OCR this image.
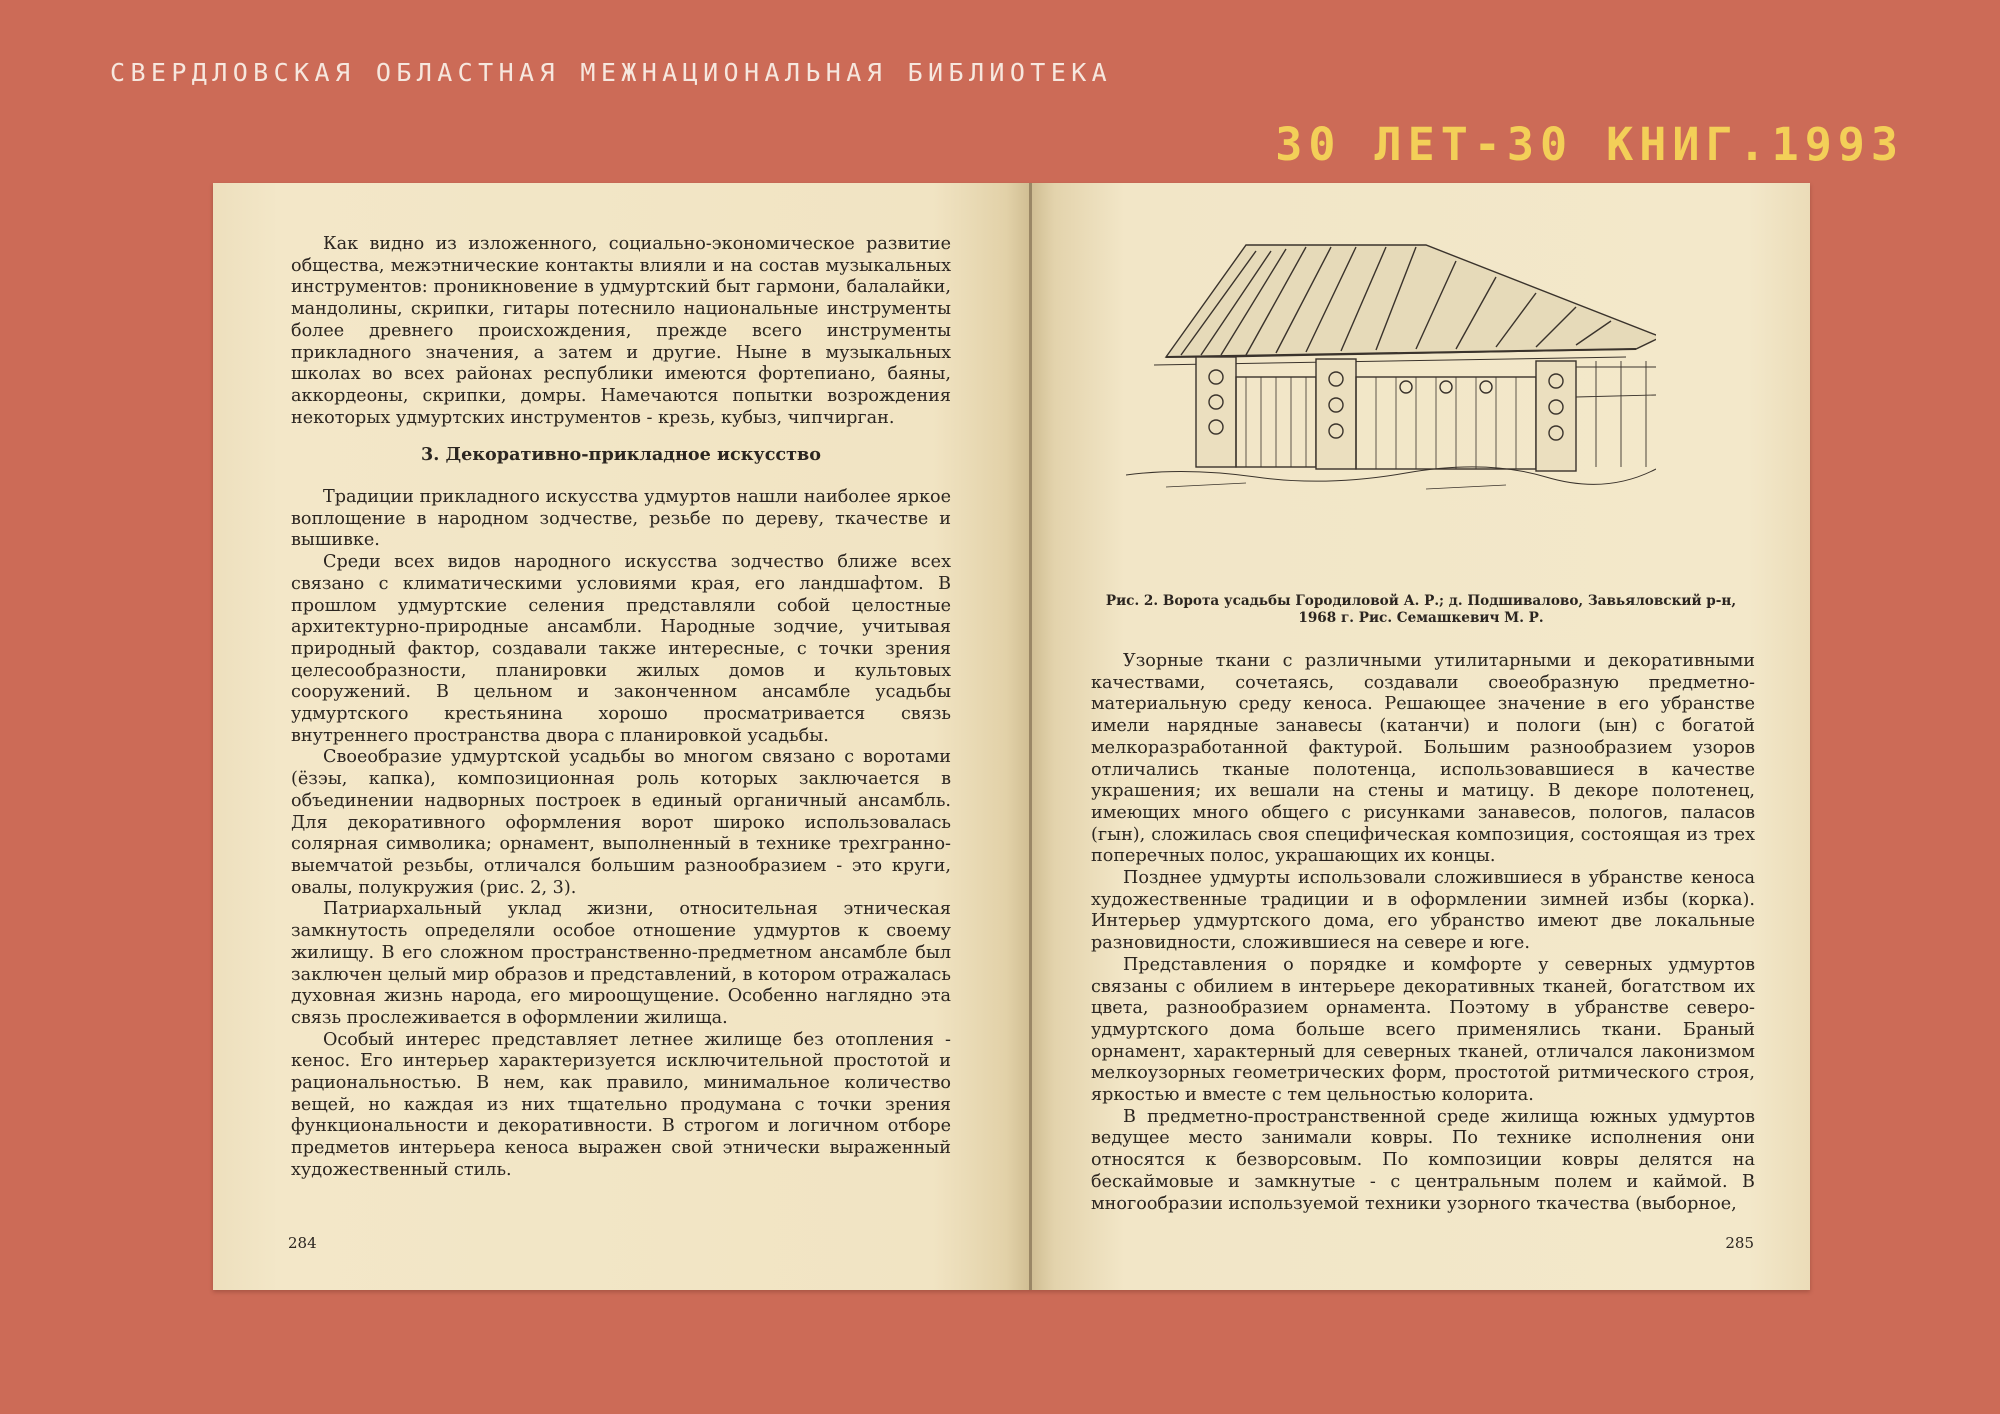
СВЕРДЛОВСКАЯ ОБЛАСТНАЯ МЕЖНАЦИОНАЛЬНАЯ БИБЛИОТЕКА
30 ЛЕТ-30 КНИГ.1993

Как видно из изложенного, социально-экономическое развитие общества, межэтнические контакты влияли и на состав музыкальных инструментов: проникновение в удмуртский быт гармони, балалайки, мандолины, скрипки, гитары потеснило национальные инструменты более древнего происхождения, прежде всего инструменты прикладного значения, а затем и другие. Ныне в музыкальных школах во всех районах республики имеются фортепиано, баяны, аккордеоны, скрипки, домры. Намечаются попытки возрождения некоторых удмуртских инструментов - крезь, кубыз, чипчирган.

3. Декоративно-прикладное искусство

Традиции прикладного искусства удмуртов нашли наиболее яркое воплощение в народном зодчестве, резьбе по дереву, ткачестве и вышивке.

Среди всех видов народного искусства зодчество ближе всех связано с климатическими условиями края, его ландшафтом. В прошлом удмуртские селения представляли собой целостные архитектурно-природные ансамбли. Народные зодчие, учитывая природный фактор, создавали также интересные, с точки зрения целесообразности, планировки жилых домов и культовых сооружений. В цельном и законченном ансамбле усадьбы удмуртского крестьянина хорошо просматривается связь внутреннего пространства двора с планировкой усадьбы.

Своеобразие удмуртской усадьбы во многом связано с воротами (ёзэы, капка), композиционная роль которых заключается в объединении надворных построек в единый органичный ансамбль. Для декоративного оформления ворот широко использовалась солярная символика; орнамент, выполненный в технике трехгранно-выемчатой резьбы, отличался большим разнообразием - это круги, овалы, полукружия (рис. 2, 3).

Патриархальный уклад жизни, относительная этническая замкнутость определяли особое отношение удмуртов к своему жилищу. В его сложном пространственно-предметном ансамбле был заключен целый мир образов и представлений, в котором отражалась духовная жизнь народа, его мироощущение. Особенно наглядно эта связь прослеживается в оформлении жилища.

Особый интерес представляет летнее жилище без отопления - кенос. Его интерьер характеризуется исключительной простотой и рациональностью. В нем, как правило, минимальное количество вещей, но каждая из них тщательно продумана с точки зрения функциональности и декоративности. В строгом и логичном отборе предметов интерьера кеноса выражен свой этнически выраженный художественный стиль.

284
Рис. 2. Ворота усадьбы Городиловой А. Р.; д. Подшивалово, Завьяловский р-н, 1968 г. Рис. Семашкевич М. Р.

Узорные ткани с различными утилитарными и декоративными качествами, сочетаясь, создавали своеобразную предметно-материальную среду кеноса. Решающее значение в его убранстве имели нарядные занавесы (катанчи) и пологи (ын) с богатой мелкоразработанной фактурой. Большим разнообразием узоров отличались тканые полотенца, использовавшиеся в качестве украшения; их вешали на стены и матицу. В декоре полотенец, имеющих много общего с рисунками занавесов, пологов, паласов (гын), сложилась своя специфическая композиция, состоящая из трех поперечных полос, украшающих их концы.

Позднее удмурты использовали сложившиеся в убранстве кеноса художественные традиции и в оформлении зимней избы (корка). Интерьер удмуртского дома, его убранство имеют две локальные разновидности, сложившиеся на севере и юге.

Представления о порядке и комфорте у северных удмуртов связаны с обилием в интерьере декоративных тканей, богатством их цвета, разнообразием орнамента. Поэтому в убранстве северо-удмуртского дома больше всего применялись ткани. Браный орнамент, характерный для северных тканей, отличался лаконизмом мелкоузорных геометрических форм, простотой ритмического строя, яркостью и вместе с тем цельностью колорита.

В предметно-пространственной среде жилища южных удмуртов ведущее место занимали ковры. По технике исполнения они относятся к безворсовым. По композиции ковры делятся на бескаймовые и замкнутые - с центральным полем и каймой. В многообразии используемой техники узорного ткачества (выборное,

285
